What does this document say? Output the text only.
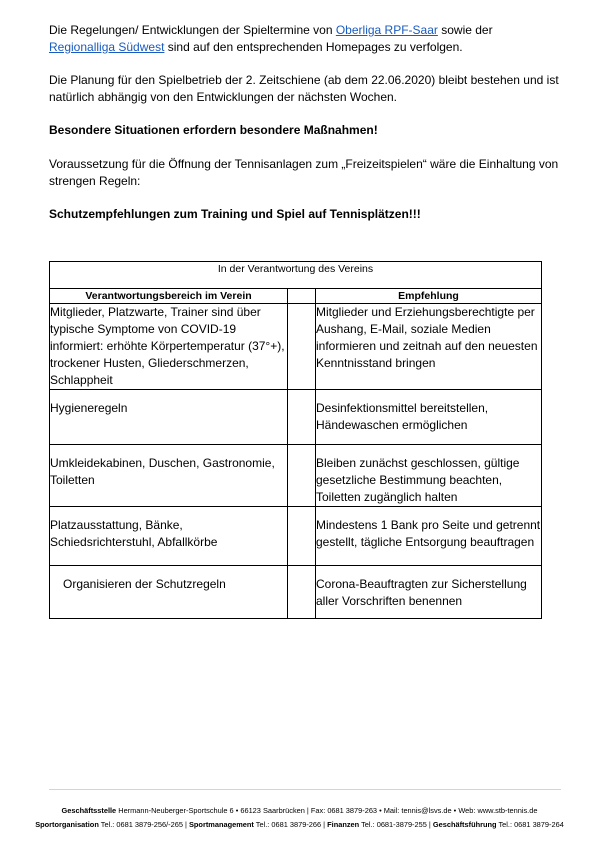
Die Regelungen/ Entwicklungen der Spieltermine von Oberliga RPF-Saar sowie der Regionalliga Südwest sind auf den entsprechenden Homepages zu verfolgen.

Die Planung für den Spielbetrieb der 2. Zeitschiene (ab dem 22.06.2020) bleibt bestehen und ist natürlich abhängig von den Entwicklungen der nächsten Wochen.

Besondere Situationen erfordern besondere Maßnahmen!

Voraussetzung für die Öffnung der Tennisanlagen zum „Freizeitspielen“ wäre die Einhaltung von strengen Regeln:

Schutzempfehlungen zum Training und Spiel auf Tennisplätzen!!!

In der Verantwortung des Vereins		
Verantwortungsbereich im Verein		Empfehlung
Mitglieder, Platzwarte, Trainer sind über typische Symptome von COVID-19 informiert: erhöhte Körpertemperatur (37°+), trockener Husten, Gliederschmerzen, Schlappheit		Mitglieder und Erziehungsberechtigte per Aushang, E-Mail, soziale Medien informieren und zeitnah auf den neuesten Kenntnisstand bringen
Hygieneregeln		Desinfektionsmittel bereitstellen, Händewaschen ermöglichen
Umkleidekabinen, Duschen, Gastronomie, Toiletten		Bleiben zunächst geschlossen, gültige gesetzliche Bestimmung beachten, Toiletten zugänglich halten
Platzausstattung, Bänke, Schiedsrichterstuhl, Abfallkörbe		Mindestens 1 Bank pro Seite und getrennt gestellt, tägliche Entsorgung beauftragen
Organisieren der Schutzregeln		Corona-Beauftragten zur Sicherstellung aller Vorschriften benennen
Geschäftsstelle Hermann-Neuberger-Sportschule 6 • 66123 Saarbrücken | Fax: 0681 3879-263 • Mail: tennis@lsvs.de • Web: www.stb-tennis.de
Sportorganisation Tel.: 0681 3879-256/-265 | Sportmanagement Tel.: 0681 3879-266 | Finanzen Tel.: 0681-3879-255 | Geschäftsführung Tel.: 0681 3879-264
